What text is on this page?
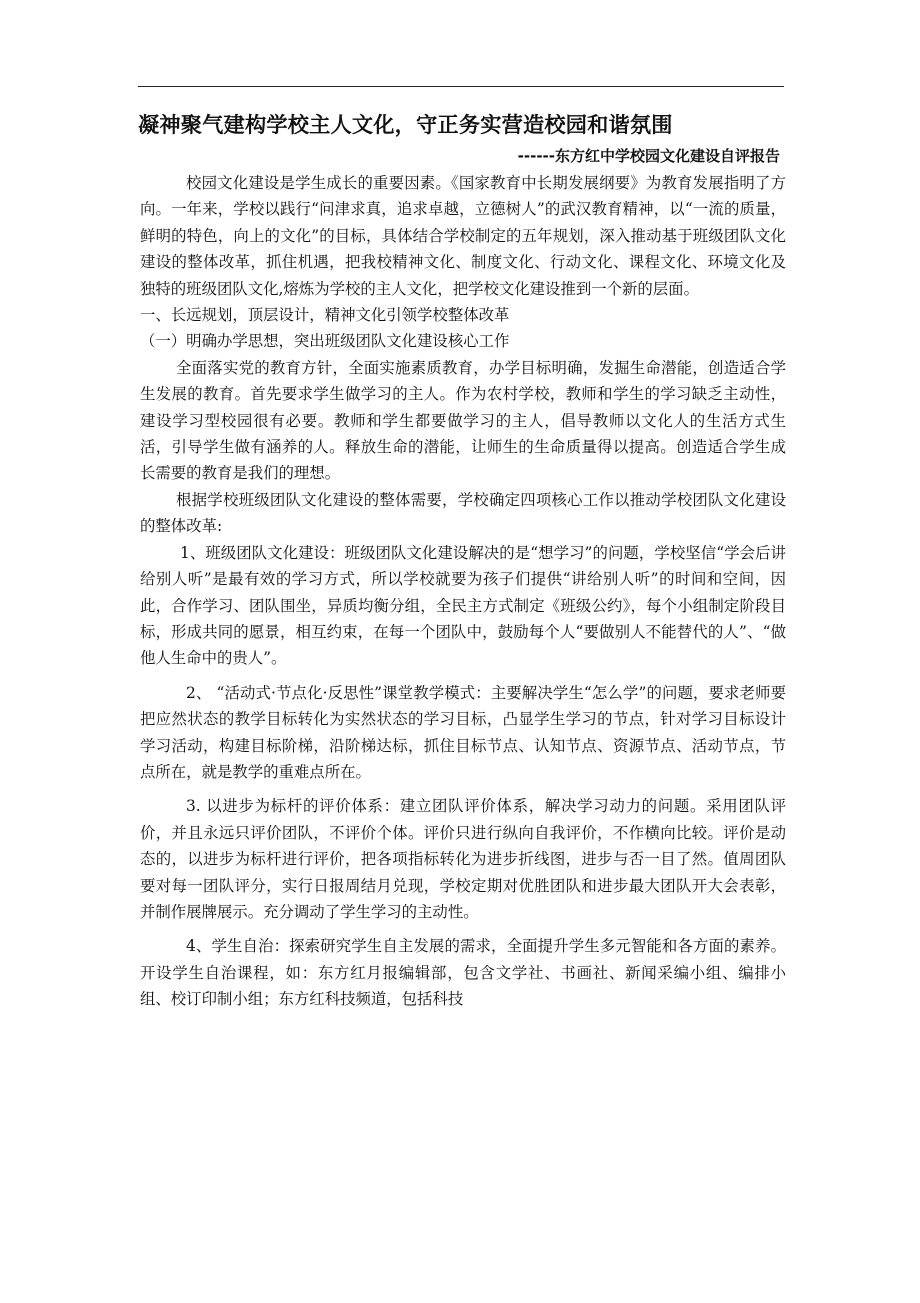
凝神聚气建构学校主人文化，守正务实营造校园和谐氛围
------东方红中学校园文化建设自评报告

校园文化建设是学生成长的重要因素。《国家教育中长期发展纲要》为教育发展指明了方向。一年来，学校以践行“问津求真，追求卓越，立德树人”的武汉教育精神，以“一流的质量，鲜明的特色，向上的文化”的目标，具体结合学校制定的五年规划，深入推动基于班级团队文化建设的整体改革，抓住机遇，把我校精神文化、制度文化、行动文化、课程文化、环境文化及独特的班级团队文化,熔炼为学校的主人文化，把学校文化建设推到一个新的层面。

一、长远规划，顶层设计，精神文化引领学校整体改革

（一）明确办学思想，突出班级团队文化建设核心工作

全面落实党的教育方针，全面实施素质教育，办学目标明确，发掘生命潜能，创造适合学生发展的教育。首先要求学生做学习的主人。作为农村学校，教师和学生的学习缺乏主动性，建设学习型校园很有必要。教师和学生都要做学习的主人，倡导教师以文化人的生活方式生活，引导学生做有涵养的人。释放生命的潜能，让师生的生命质量得以提高。创造适合学生成长需要的教育是我们的理想。

根据学校班级团队文化建设的整体需要，学校确定四项核心工作以推动学校团队文化建设的整体改革:

1、班级团队文化建设：班级团队文化建设解决的是“想学习”的问题，学校坚信“学会后讲给别人听”是最有效的学习方式，所以学校就要为孩子们提供“讲给别人听”的时间和空间，因此，合作学习、团队围坐，异质均衡分组，全民主方式制定《班级公约》，每个小组制定阶段目标，形成共同的愿景，相互约束，在每一个团队中，鼓励每个人“要做别人不能替代的人”、“做他人生命中的贵人”。

2、 “活动式·节点化·反思性”课堂教学模式：主要解决学生“怎么学”的问题，要求老师要把应然状态的教学目标转化为实然状态的学习目标，凸显学生学习的节点，针对学习目标设计学习活动，构建目标阶梯，沿阶梯达标，抓住目标节点、认知节点、资源节点、活动节点，节点所在，就是教学的重难点所在。

3. 以进步为标杆的评价体系：建立团队评价体系，解决学习动力的问题。采用团队评价，并且永远只评价团队，不评价个体。评价只进行纵向自我评价，不作横向比较。评价是动态的，以进步为标杆进行评价，把各项指标转化为进步折线图，进步与否一目了然。值周团队要对每一团队评分，实行日报周结月兑现，学校定期对优胜团队和进步最大团队开大会表彰，并制作展牌展示。充分调动了学生学习的主动性。

4、学生自治：探索研究学生自主发展的需求，全面提升学生多元智能和各方面的素养。开设学生自治课程，如：东方红月报编辑部，包含文学社、书画社、新闻采编小组、编排小组、校订印制小组；东方红科技频道，包括科技
